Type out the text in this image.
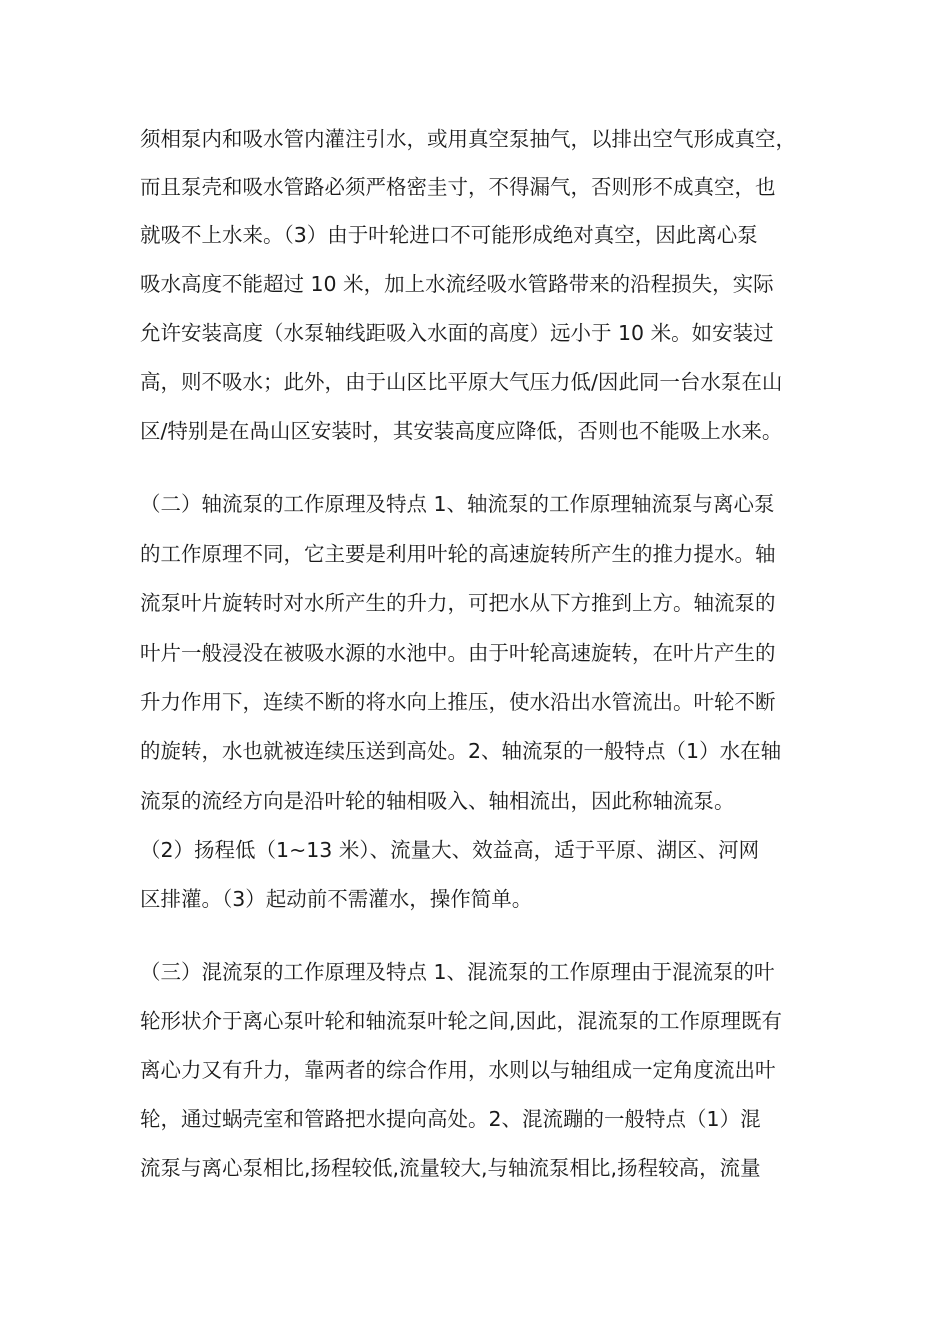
须相泵内和吸水管内灌注引水，或用真空泵抽气，以排出空气形成真空，
而且泵壳和吸水管路必须严格密圭寸，不得漏气，否则形不成真空，也
就吸不上水来。（3）由于叶轮进口不可能形成绝对真空，因此离心泵
吸水高度不能超过 10 米，加上水流经吸水管路带来的沿程损失，实际
允许安装高度（水泵轴线距吸入水面的高度）远小于 10 米。如安装过
高，则不吸水；此外，由于山区比平原大气压力低/因此同一台水泵在山
区/特别是在咼山区安装时，其安装高度应降低，否则也不能吸上水来。
（二）轴流泵的工作原理及特点 1、轴流泵的工作原理轴流泵与离心泵
的工作原理不同，它主要是利用叶轮的高速旋转所产生的推力提水。轴
流泵叶片旋转时对水所产生的升力，可把水从下方推到上方。轴流泵的
叶片一般浸没在被吸水源的水池中。由于叶轮高速旋转，在叶片产生的
升力作用下，连续不断的将水向上推压，使水沿出水管流出。叶轮不断
的旋转，水也就被连续压送到高处。2、轴流泵的一般特点（1）水在轴
流泵的流经方向是沿叶轮的轴相吸入、轴相流出，因此称轴流泵。
（2）扬程低（1~13 米）、流量大、效益高，适于平原、湖区、河网
区排灌。（3）起动前不需灌水，操作简单。
（三）混流泵的工作原理及特点 1、混流泵的工作原理由于混流泵的叶
轮形状介于离心泵叶轮和轴流泵叶轮之间,因此，混流泵的工作原理既有
离心力又有升力，靠两者的综合作用，水则以与轴组成一定角度流出叶
轮，通过蜗壳室和管路把水提向高处。2、混流蹦的一般特点（1）混
流泵与离心泵相比,扬程较低,流量较大,与轴流泵相比,扬程较高，流量
